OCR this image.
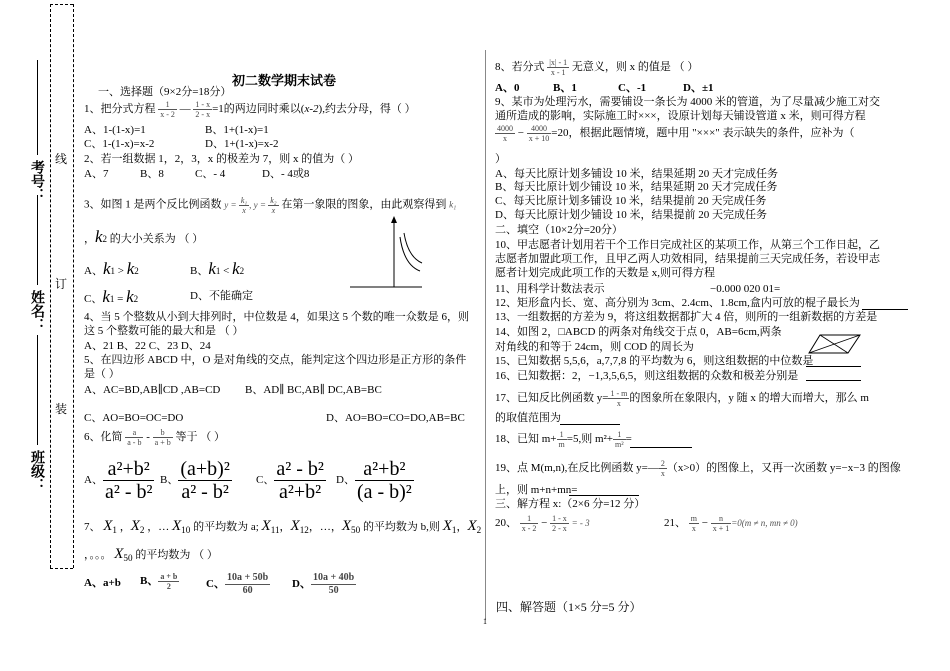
考号：
姓名：
班级：
线
订
装
初二数学期末试卷
一、选择题（9×2分=18分）
1、把分式方程 $\frac{1}{x - 2}$ — $\frac{1 - x}{2 - x} =1$的两边同时乘以(x-2),约去分母，得（ ）
A、1-(1-x)=1	B、1+(1-x)=1
C、1-(1-x)=x-2	D、1+(1-x)=x-2
2、若一组数据 1，2，3，x 的极差为 7，则 x 的值为（ ）
A、7	B、8	C、- 4	D、- 4或8
3、如图 1 是两个反比例函数 $y = \frac{\text{k₁}}{x}$ , $y = \frac{\text{k₂}}{x}$ 在第一象限的图象，由此观察得到 k₁
，k2 的大小关系为 （ ）
A、k1 > k2	B、k1 < k2
C、k1 = k2	D、不能确定
4、当 5 个整数从小到大排列时，中位数是 4，如果这 5 个数的唯一众数是 6，则
这 5 个整数可能的最大和是 （ ）
A、21 B、22 C、23 D、24
5、在四边形 ABCD 中，O 是对角线的交点，能判定这个四边形是正方形的条件
是（ ）
A、AC=BD,AB∥CD ,AB=CD B、AD∥ BC,AB∥ DC,AB=BC
C、AO=BO=OC=DO	D、AO=BO=CO=DO,AB=BC
6、化简 $\frac{a}{a - b} - \frac{b}{a + b}$ 等于 （ ）
A、 $\frac{\text{a²+b²}}{\text{a² - b²}}$ B、 $\frac{\text{(a+b)²}}{\text{a² - b²}}$ C、 $\frac{\text{a² - b²}}{\text{a²+b²}}$ D、 $\frac{\text{a²+b²}}{\text{(a - b)²}}$
7、 $X_1$ ，$X_2$ ，… $X_{10}$ 的平均数为 a; $X_{11}$，$X_{12}$，…，$X_{50}$ 的平均数为 b,则 $X_1$，$X_2$
，。。。 $X_{50}$ 的平均数为 （ ）
A、a+b B、 $\frac{a + b}{2}$ C、 $\frac{10a + 50b}{60}$ D、 $\frac{10a + 40b}{50}$
8、若分式 $\frac{|x| - 1}{x - 1}$ 无意义，则 x 的值是 （ ）
A、0	B、1	C、-1	D、±1
9、某市为处理污水，需要铺设一条长为 4000 米的管道，为了尽量减少施工对交
通所造成的影响，实际施工时×××，设原计划每天铺设管道 x 米，则可得方程
$\frac{4000}{x} - \frac{4000}{x + 10} =20$，根据此题情境，题中用 "×××" 表示缺失的条件，应补为（
）
A、每天比原计划多铺设 10 米，结果延期 20 天才完成任务
B、每天比原计划少铺设 10 米，结果延期 20 天才完成任务
C、每天比原计划多铺设 10 米，结果提前 20 天完成任务
D、每天比原计划少铺设 10 米，结果提前 20 天完成任务
二、填空（10×2分=20分）
10、甲志愿者计划用若干个工作日完成社区的某项工作，从第三个工作日起，乙
志愿者加盟此项工作，且甲乙两人功效相同，结果提前三天完成任务，若设甲志
愿者计划完成此项工作的天数是 x,则可得方程
11、用科学计数法表示	−0.000 020 01=
12、矩形盒内长、宽、高分别为 3cm、2.4cm、1.8cm,盒内可放的棍子最长为
13、一组数据的方差为 9，将这组数据都扩大 4 倍，则所的一组新数据的方差是
14、如图 2，□ABCD 的两条对角线交于点 0，AB=6cm,两条
对角线的和等于 24cm，则 COD 的周长为
15、已知数据 5,5,6，a,7,7,8 的平均数为 6，则这组数据的中位数是
16、已知数据：2，−1,3,5,6,5，则这组数据的众数和极差分别是
17、已知反比例函数 $y= \frac{1 - m}{x}$ 的图象所在象限内，y 随 x 的增大而增大，那么 m
的取值范围为
18、已知 $m+ \frac{1}{m} =5$,则 $m^2+ \frac{1}{\text{m²}}$ =
19、点 M(m,n),在反比例函数 y=— $\frac{2}{x} (x>0)$的图像上，又再一次函数 y=−x−3 的图像
上，则 m+n+mn=
三、解方程 x:（2×6 分=12 分）
20、 $\frac{1}{x - 2} - \frac{1 - x}{2 - x}$ = - 3	21、 $\frac{m}{x} - \frac{n}{x + 1} =0(m \ne n$, mn ≠ 0)
四、解答题（1×5 分=5 分）
1
